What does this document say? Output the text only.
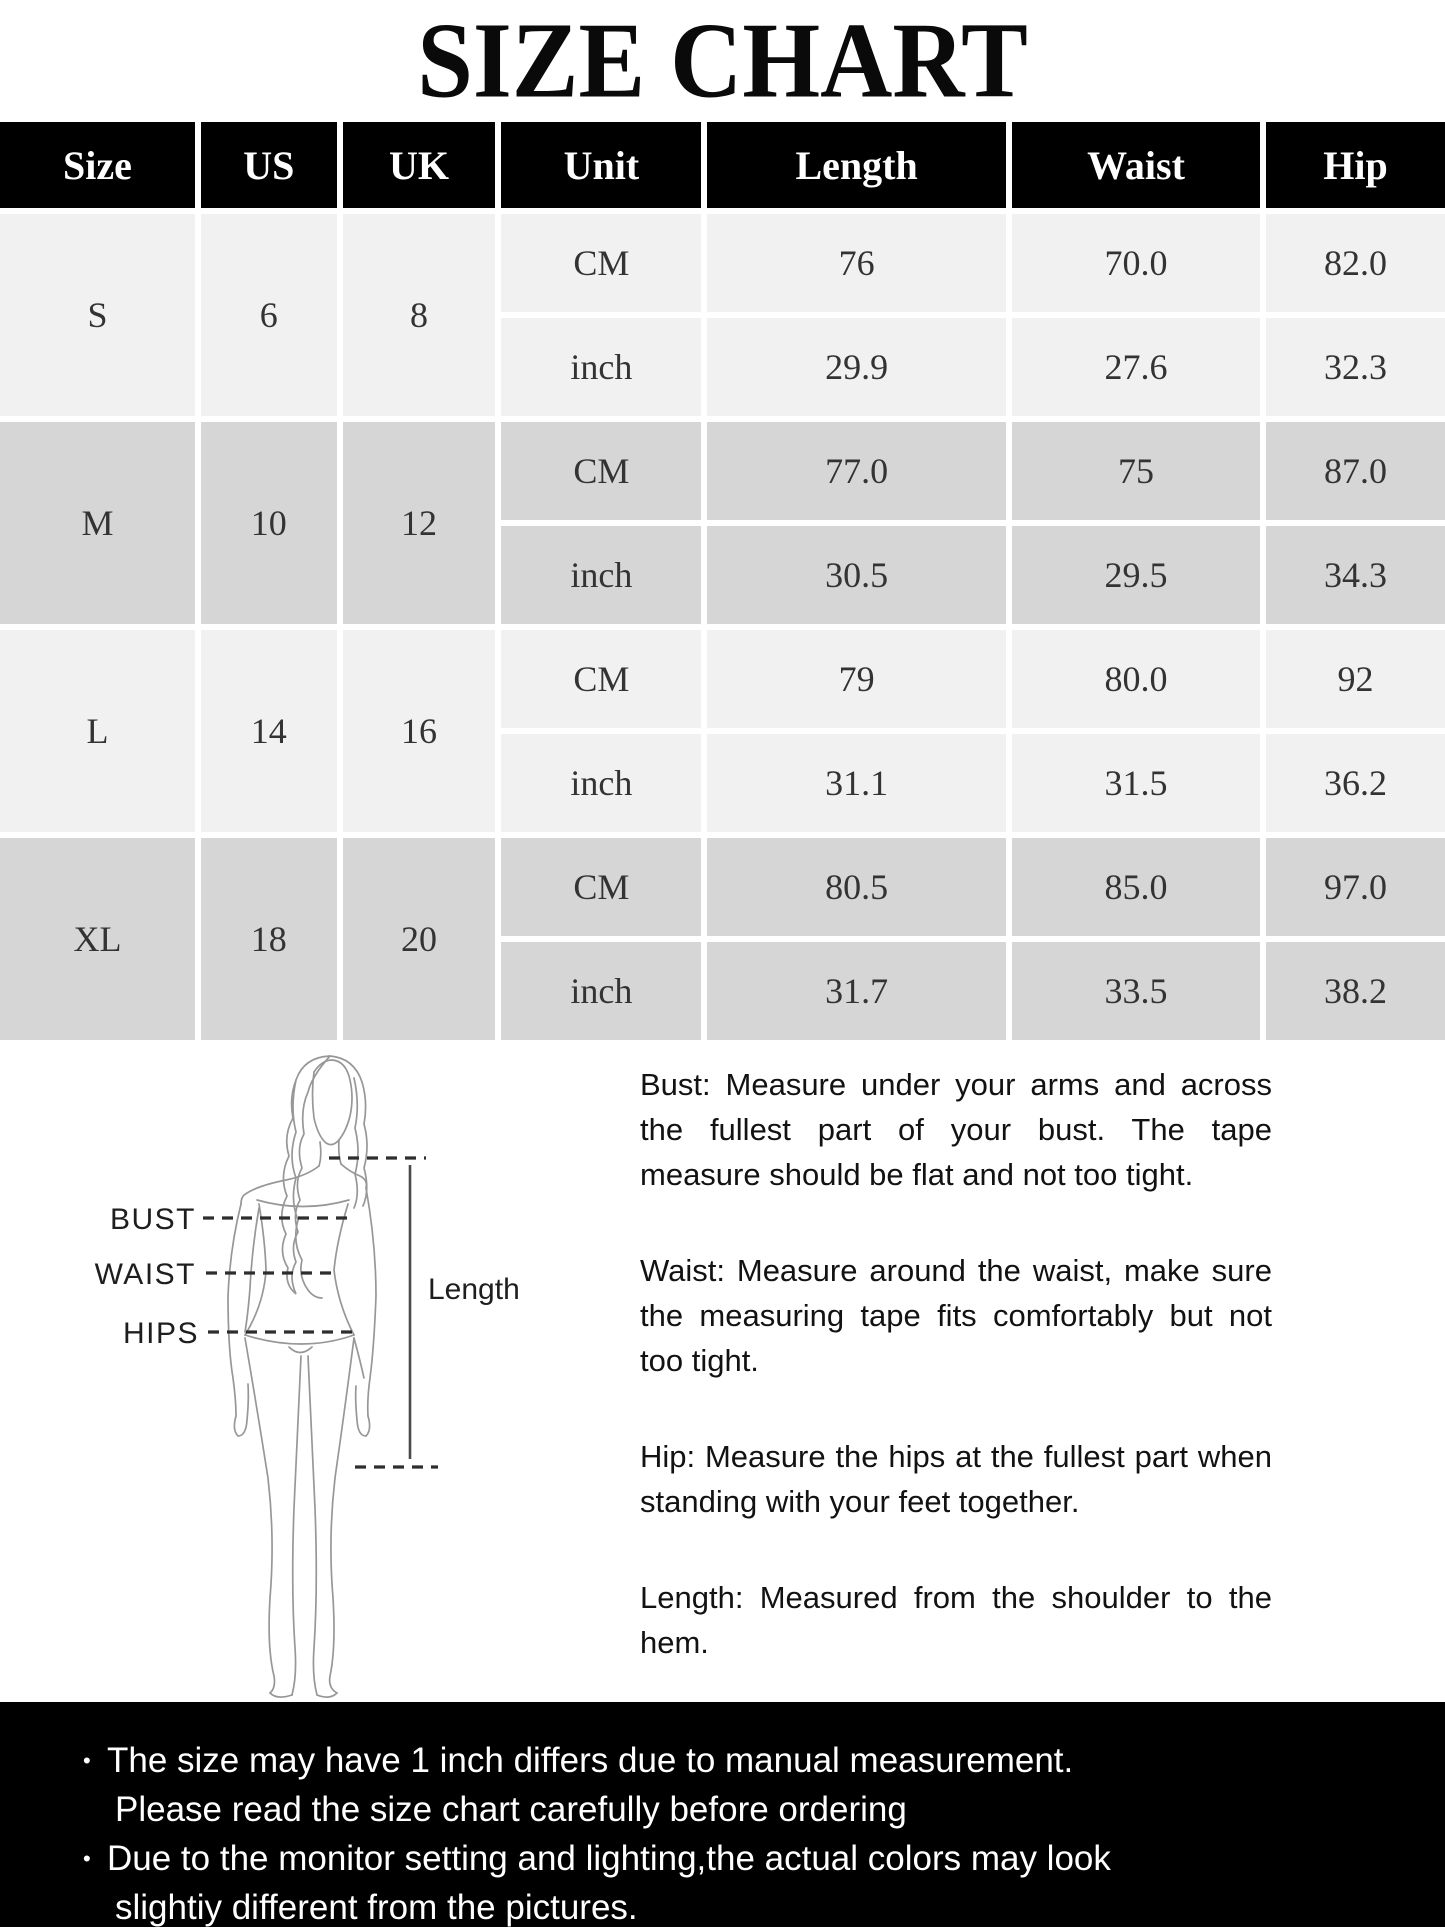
SIZE CHART
Size	US	UK	Unit	Length	Waist	Hip
S	6	8
CM	76	70.0	82.0
inch	29.9	27.6	32.3
M	10	12
CM	77.0	75	87.0
inch	30.5	29.5	34.3
L	14	16
CM	79	80.0	92
inch	31.1	31.5	36.2
XL	18	20
CM	80.5	85.0	97.0
inch	31.7	33.5	38.2
BUST
WAIST
HIPS
Length

Bust: Measure under your arms and across the fullest part of your bust. The tape measure should be flat and not too tight.

Waist: Measure around the waist, make sure the measuring tape fits comfortably but not too tight.

Hip: Measure the hips at the fullest part when standing with your feet together.

Length: Measured from the shoulder to the hem.

• The size may have 1 inch differs due to manual measurement.
Please read the size chart carefully before ordering
• Due to the monitor setting and lighting,the actual colors may look
slightiy different from the pictures.
